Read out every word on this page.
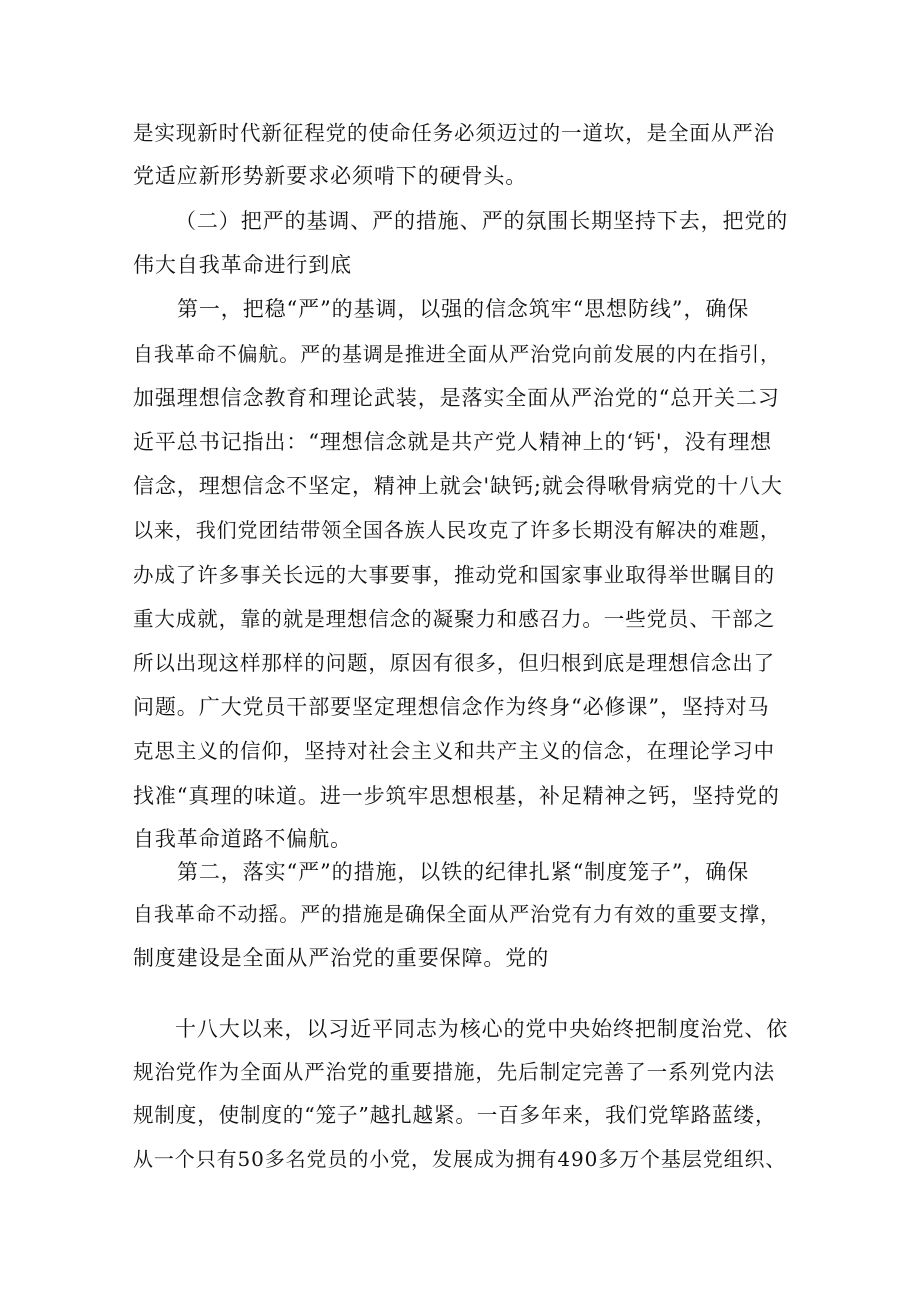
是实现新时代新征程党的使命任务必须迈过的一道坎，是全面从严治
党适应新形势新要求必须啃下的硬骨头。
（二）把严的基调、严的措施、严的氛围长期坚持下去，把党的
伟大自我革命进行到底
第一，把稳“严”的基调，以强的信念筑牢“思想防线”，确保
自我革命不偏航。严的基调是推进全面从严治党向前发展的内在指引，
加强理想信念教育和理论武装，是落实全面从严治党的“总开关二习
近平总书记指出：“理想信念就是共产党人精神上的‘钙'，没有理想
信念，理想信念不坚定，精神上就会'缺钙;就会得啾骨病党的十八大
以来，我们党团结带领全国各族人民攻克了许多长期没有解决的难题，
办成了许多事关长远的大事要事，推动党和国家事业取得举世瞩目的
重大成就，靠的就是理想信念的凝聚力和感召力。一些党员、干部之
所以出现这样那样的问题，原因有很多，但归根到底是理想信念出了
问题。广大党员干部要坚定理想信念作为终身“必修课”，坚持对马
克思主义的信仰，坚持对社会主义和共产主义的信念，在理论学习中
找准“真理的味道。进一步筑牢思想根基，补足精神之钙，坚持党的
自我革命道路不偏航。
第二，落实“严”的措施，以铁的纪律扎紧“制度笼子”，确保
自我革命不动摇。严的措施是确保全面从严治党有力有效的重要支撑，
制度建设是全面从严治党的重要保障。党的
十八大以来，以习近平同志为核心的党中央始终把制度治党、依
规治党作为全面从严治党的重要措施，先后制定完善了一系列党内法
规制度，使制度的“笼子”越扎越紧。一百多年来，我们党筚路蓝缕，
从一个只有50多名党员的小党，发展成为拥有490多万个基层党组织、
